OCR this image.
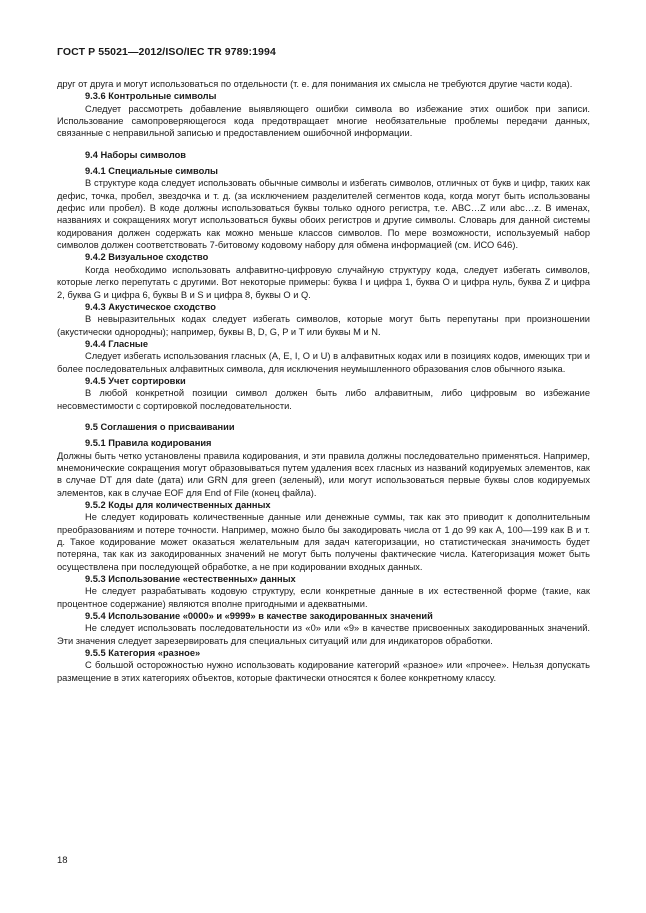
ГОСТ Р 55021—2012/ISO/IEC TR 9789:1994
друг от друга и могут использоваться по отдельности (т. е. для понимания их смысла не требуются другие части кода).
9.3.6 Контрольные символы
Следует рассмотреть добавление выявляющего ошибки символа во избежание этих ошибок при записи. Использование самопроверяющегося кода предотвращает многие необязательные проблемы передачи данных, связанные с неправильной записью и предоставлением ошибочной информации.
9.4 Наборы символов
9.4.1 Специальные символы
В структуре кода следует использовать обычные символы и избегать символов, отличных от букв и цифр, таких как дефис, точка, пробел, звездочка и т. д. (за исключением разделителей сегментов кода, когда могут быть использованы дефис или пробел). В коде должны использоваться буквы только одного регистра, т.е. ABC…Z или abc…z. В именах, названиях и сокращениях могут использоваться буквы обоих регистров и другие символы. Словарь для данной системы кодирования должен содержать как можно меньше классов символов. По мере возможности, используемый набор символов должен соответствовать 7-битовому кодовому набору для обмена информацией (см. ИСО 646).
9.4.2 Визуальное сходство
Когда необходимо использовать алфавитно-цифровую случайную структуру кода, следует избегать символов, которые легко перепутать с другими. Вот некоторые примеры: буква I и цифра 1, буква O и цифра нуль, буква Z и цифра 2, буква G и цифра 6, буквы B и S и цифра 8, буквы O и Q.
9.4.3 Акустическое сходство
В невыразительных кодах следует избегать символов, которые могут быть перепутаны при произношении (акустически однородны); например, буквы B, D, G, P и T или буквы M и N.
9.4.4 Гласные
Следует избегать использования гласных (A, E, I, O и U) в алфавитных кодах или в позициях кодов, имеющих три и более последовательных алфавитных символа, для исключения неумышленного образования слов обычного языка.
9.4.5 Учет сортировки
В любой конкретной позиции символ должен быть либо алфавитным, либо цифровым во избежание несовместимости с сортировкой последовательности.
9.5 Соглашения о присваивании
9.5.1 Правила кодирования
Должны быть четко установлены правила кодирования, и эти правила должны последовательно применяться. Например, мнемонические сокращения могут образовываться путем удаления всех гласных из названий кодируемых элементов, как в случае DT для date (дата) или GRN для green (зеленый), или могут использоваться первые буквы слов кодируемых элементов, как в случае EOF для End of File (конец файла).
9.5.2 Коды для количественных данных
Не следует кодировать количественные данные или денежные суммы, так как это приводит к дополнительным преобразованиям и потере точности. Например, можно было бы закодировать числа от 1 до 99 как A, 100—199 как B и т. д. Такое кодирование может оказаться желательным для задач категоризации, но статистическая значимость будет потеряна, так как из закодированных значений не могут быть получены фактические числа. Категоризация может быть осуществлена при последующей обработке, а не при кодировании входных данных.
9.5.3 Использование «естественных» данных
Не следует разрабатывать кодовую структуру, если конкретные данные в их естественной форме (такие, как процентное содержание) являются вполне пригодными и адекватными.
9.5.4 Использование «0000» и «9999» в качестве закодированных значений
Не следует использовать последовательности из «0» или «9» в качестве присвоенных закодированных значений. Эти значения следует зарезервировать для специальных ситуаций или для индикаторов обработки.
9.5.5 Категория «разное»
С большой осторожностью нужно использовать кодирование категорий «разное» или «прочее». Нельзя допускать размещение в этих категориях объектов, которые фактически относятся к более конкретному классу.
18
